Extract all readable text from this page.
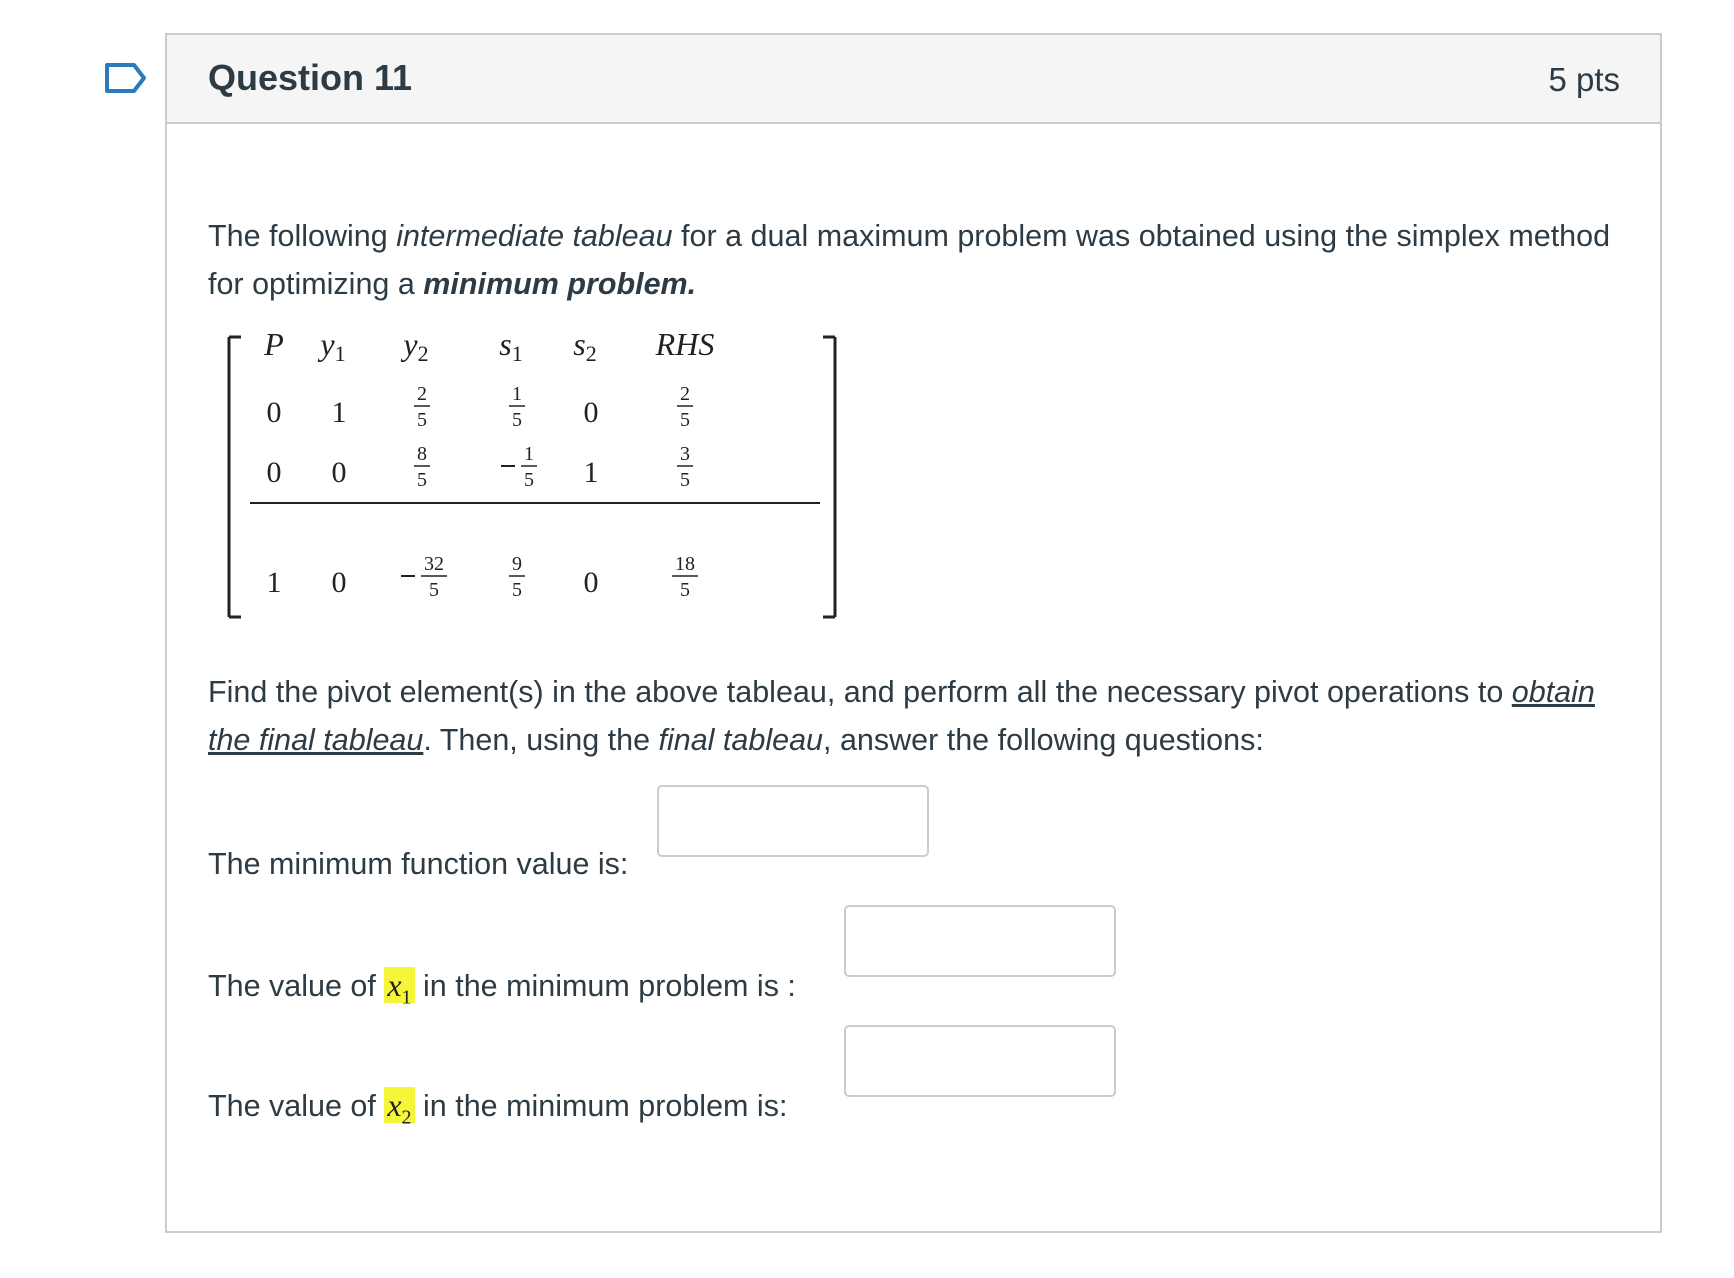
Question 11	5 pts
The following intermediate tableau for a dual maximum problem was obtained using the simplex method for optimizing a minimum problem.
P y1 y2 s1 s2 RHS
0 1
2
5
1
5 0
2
5
0 0
8
5
1
5 1
3
5
1 0
32
5
9
5 0
18
5
Find the pivot element(s) in the above tableau, and perform all the necessary pivot operations to obtain the final tableau. Then, using the final tableau, answer the following questions:
The minimum function value is:
The value of $x_1$ in the minimum problem is :
The value of $x_2$ in the minimum problem is:
